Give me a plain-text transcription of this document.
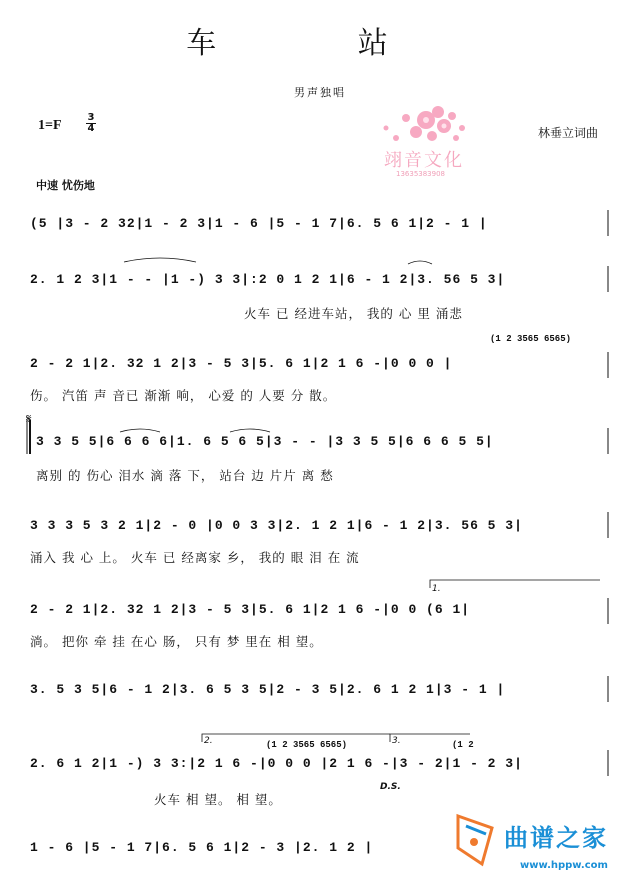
车 站
男声独唱
$1=F \frac{3}{4}$	林垂立词曲
中速 忧伤地
翊音文化
13635383908
(1 2 3565 6565)
1.
2.	3.
(1 2 3565 6565)	(1 2
𝄋
D.S.
(5 |3 - 2 32|1 - 2 3|1 - 6 |5 - 1 7|6. 5 6 1|2 - 1 |
2. 1 2 3|1 - - |1 -) 3 3|:2 0 1 2 1|6 - 1 2|3. 56 5 3|
火车 已 经进车站， 我的 心 里 涌悲
2 - 2 1|2. 32 1 2|3 - 5 3|5. 6 1|2 1 6 -|0 0 0 |
伤。 汽笛 声 音已 渐渐 响， 心爱 的 人要 分 散。
3 3 5 5|6 6 6 6|1. 6 5 6 5|3 - - |3 3 5 5|6 6 6 5 5|
离别 的 伤心 泪水 滴 落 下， 站台 边 片片 离 愁
3 3 3 5 3 2 1|2 - 0 |0 0 3 3|2. 1 2 1|6 - 1 2|3. 56 5 3|
涌入 我 心 上。 火车 已 经离家 乡， 我的 眼 泪 在 流
2 - 2 1|2. 32 1 2|3 - 5 3|5. 6 1|2 1 6 -|0 0 (6 1|
淌。 把你 牵 挂 在心 肠， 只有 梦 里在 相 望。
3. 5 3 5|6 - 1 2|3. 6 5 3 5|2 - 3 5|2. 6 1 2 1|3 - 1 |
2. 6 1 2|1 -) 3 3:|2 1 6 -|0 0 0 |2 1 6 -|3 - 2|1 - 2 3|
火车 相 望。 相 望。
1 - 6 |5 - 1 7|6. 5 6 1|2 - 3 |2. 1 2 |	曲谱之家
www.hppw.com
